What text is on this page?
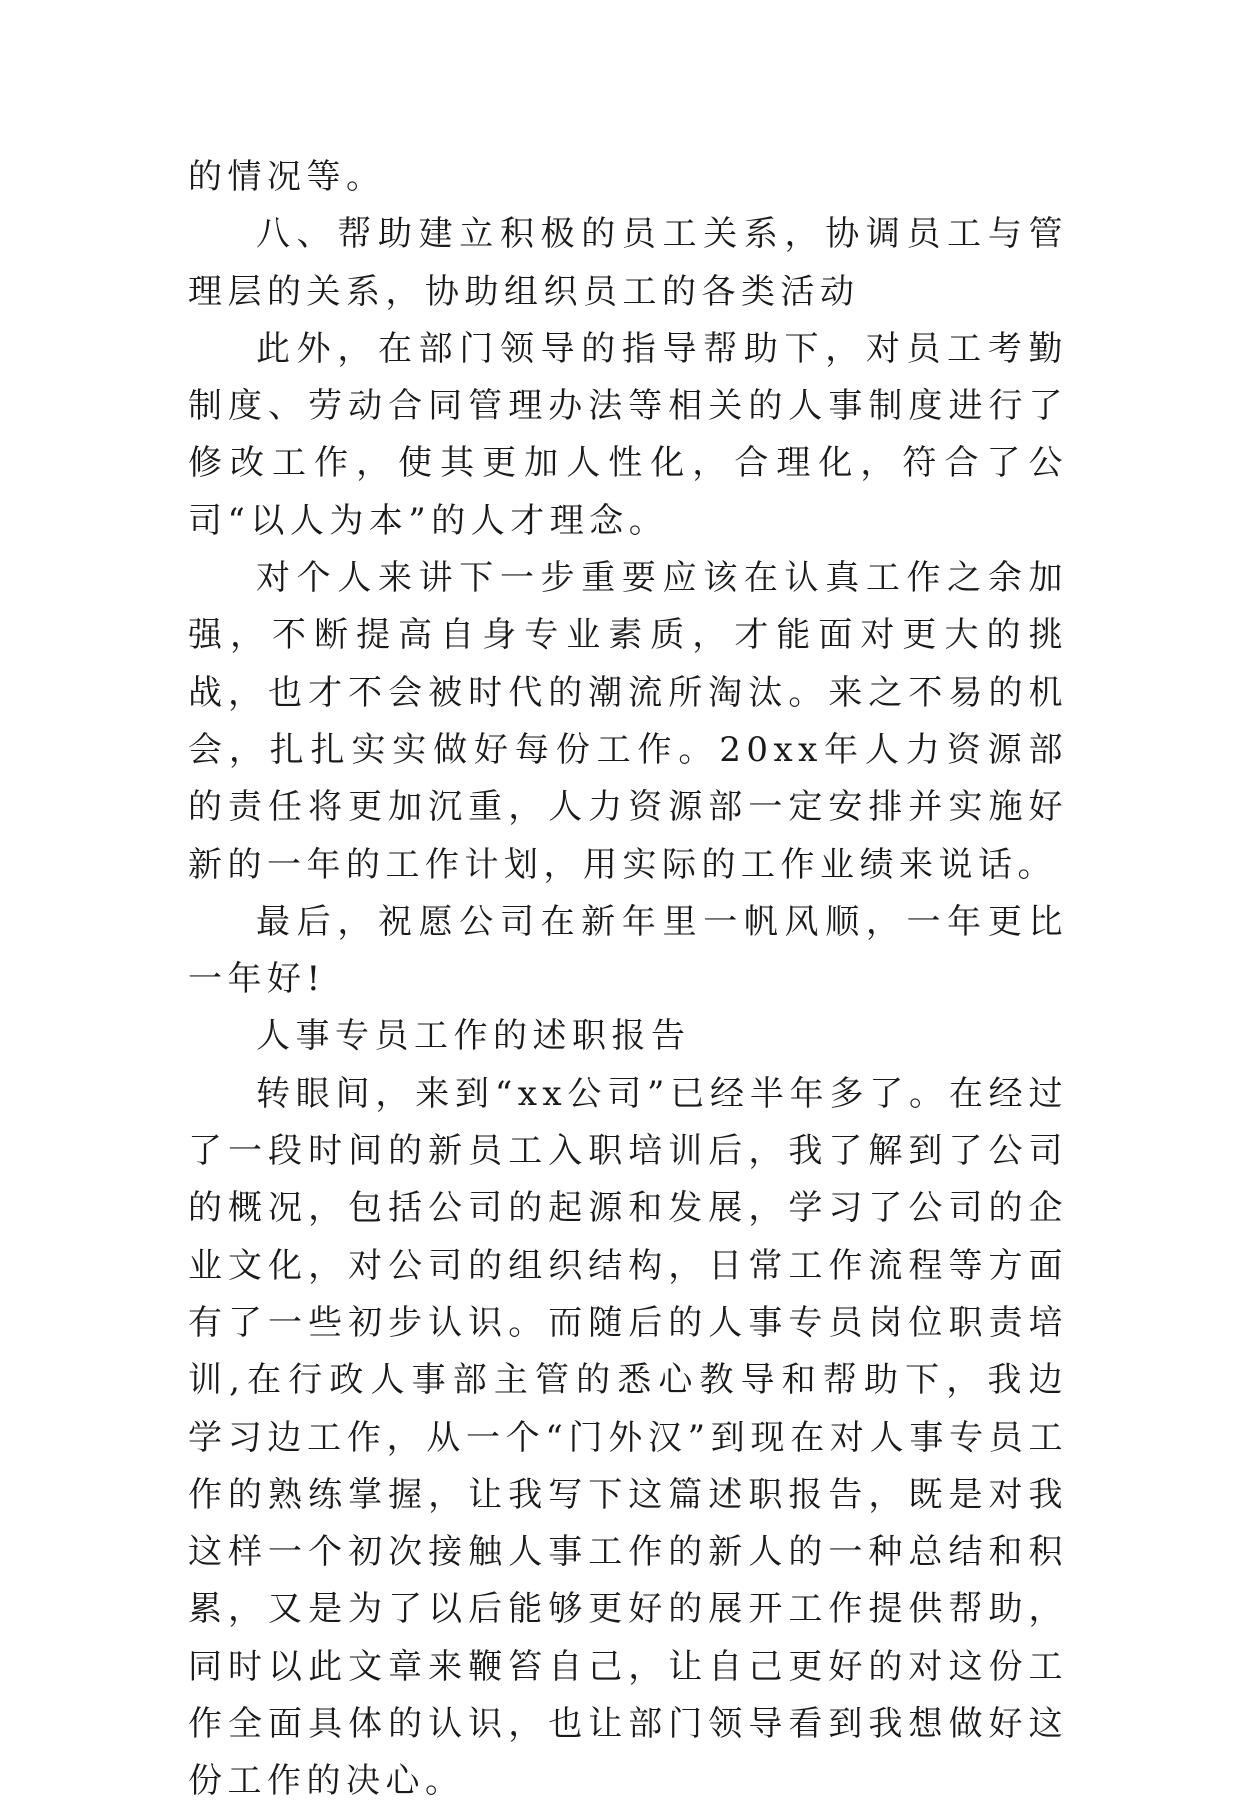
的情况等。

八、帮助建立积极的员工关系，协调员工与管理层的关系，协助组织员工的各类活动

此外，在部门领导的指导帮助下，对员工考勤制度、劳动合同管理办法等相关的人事制度进行了修改工作，使其更加人性化，合理化，符合了公司“以人为本”的人才理念。

对个人来讲下一步重要应该在认真工作之余加强，不断提高自身专业素质，才能面对更大的挑战，也才不会被时代的潮流所淘汰。来之不易的机会，扎扎实实做好每份工作。20xx年人力资源部的责任将更加沉重，人力资源部一定安排并实施好新的一年的工作计划，用实际的工作业绩来说话。

最后，祝愿公司在新年里一帆风顺，一年更比一年好!

人事专员工作的述职报告

转眼间，来到“xx公司”已经半年多了。在经过了一段时间的新员工入职培训后，我了解到了公司的概况，包括公司的起源和发展，学习了公司的企业文化，对公司的组织结构，日常工作流程等方面有了一些初步认识。而随后的人事专员岗位职责培训,在行政人事部主管的悉心教导和帮助下，我边学习边工作，从一个“门外汉”到现在对人事专员工作的熟练掌握，让我写下这篇述职报告，既是对我这样一个初次接触人事工作的新人的一种总结和积累，又是为了以后能够更好的展开工作提供帮助，同时以此文章来鞭笞自己，让自己更好的对这份工作全面具体的认识，也让部门领导看到我想做好这份工作的决心。
